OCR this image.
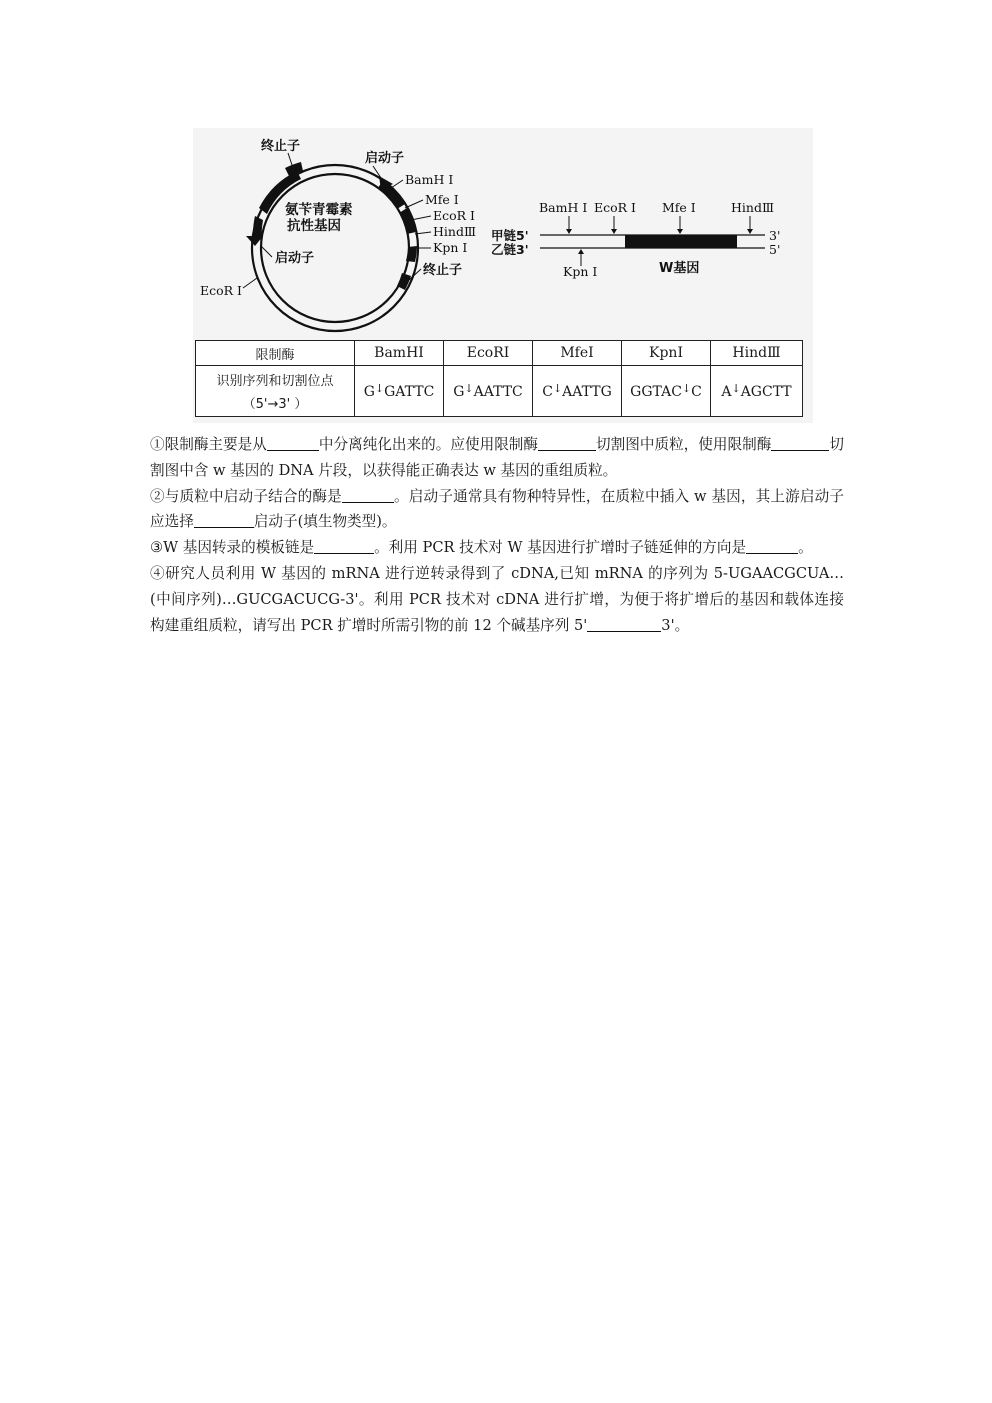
终止子
启动子
BamH I
Mfe I
EcoR I
HindⅢ
Kpn I
终止子
氨苄青霉素
抗性基因
启动子
EcoR I
甲链5'
乙链3'
3'
5'
BamH I EcoR I Mfe I	HindⅢ
Kpn I	W基因
限制酶	BamHⅠ	EcoRⅠ	MfeⅠ	KpnⅠ	HindⅢ

识别序列和切割位点
（5'→3' ）	G↓GATTC	G↓AATTC	C↓AATTG	GGTAC↓C	A↓AGCTT

①限制酶主要是从	中分离纯化出来的。应使用限制酶	切割图中质粒，使用限制酶	切割图中含 w 基因的 DNA 片段，以获得能正确表达 w 基因的重组质粒。

②与质粒中启动子结合的酶是	。启动子通常具有物种特异性，在质粒中插入 w 基因，其上游启动子应选择	启动子(填生物类型)。

③W 基因转录的模板链是	。利用 PCR 技术对 W 基因进行扩增时子链延伸的方向是	。

④研究人员利用 W 基因的 mRNA 进行逆转录得到了 cDNA,已知 mRNA 的序列为 5-UGAACGCUA…(中间序列)…GUCGACUCG-3'。利用 PCR 技术对 cDNA 进行扩增，为便于将扩增后的基因和载体连接构建重组质粒，请写出 PCR 扩增时所需引物的前 12 个碱基序列 5'	3'。
